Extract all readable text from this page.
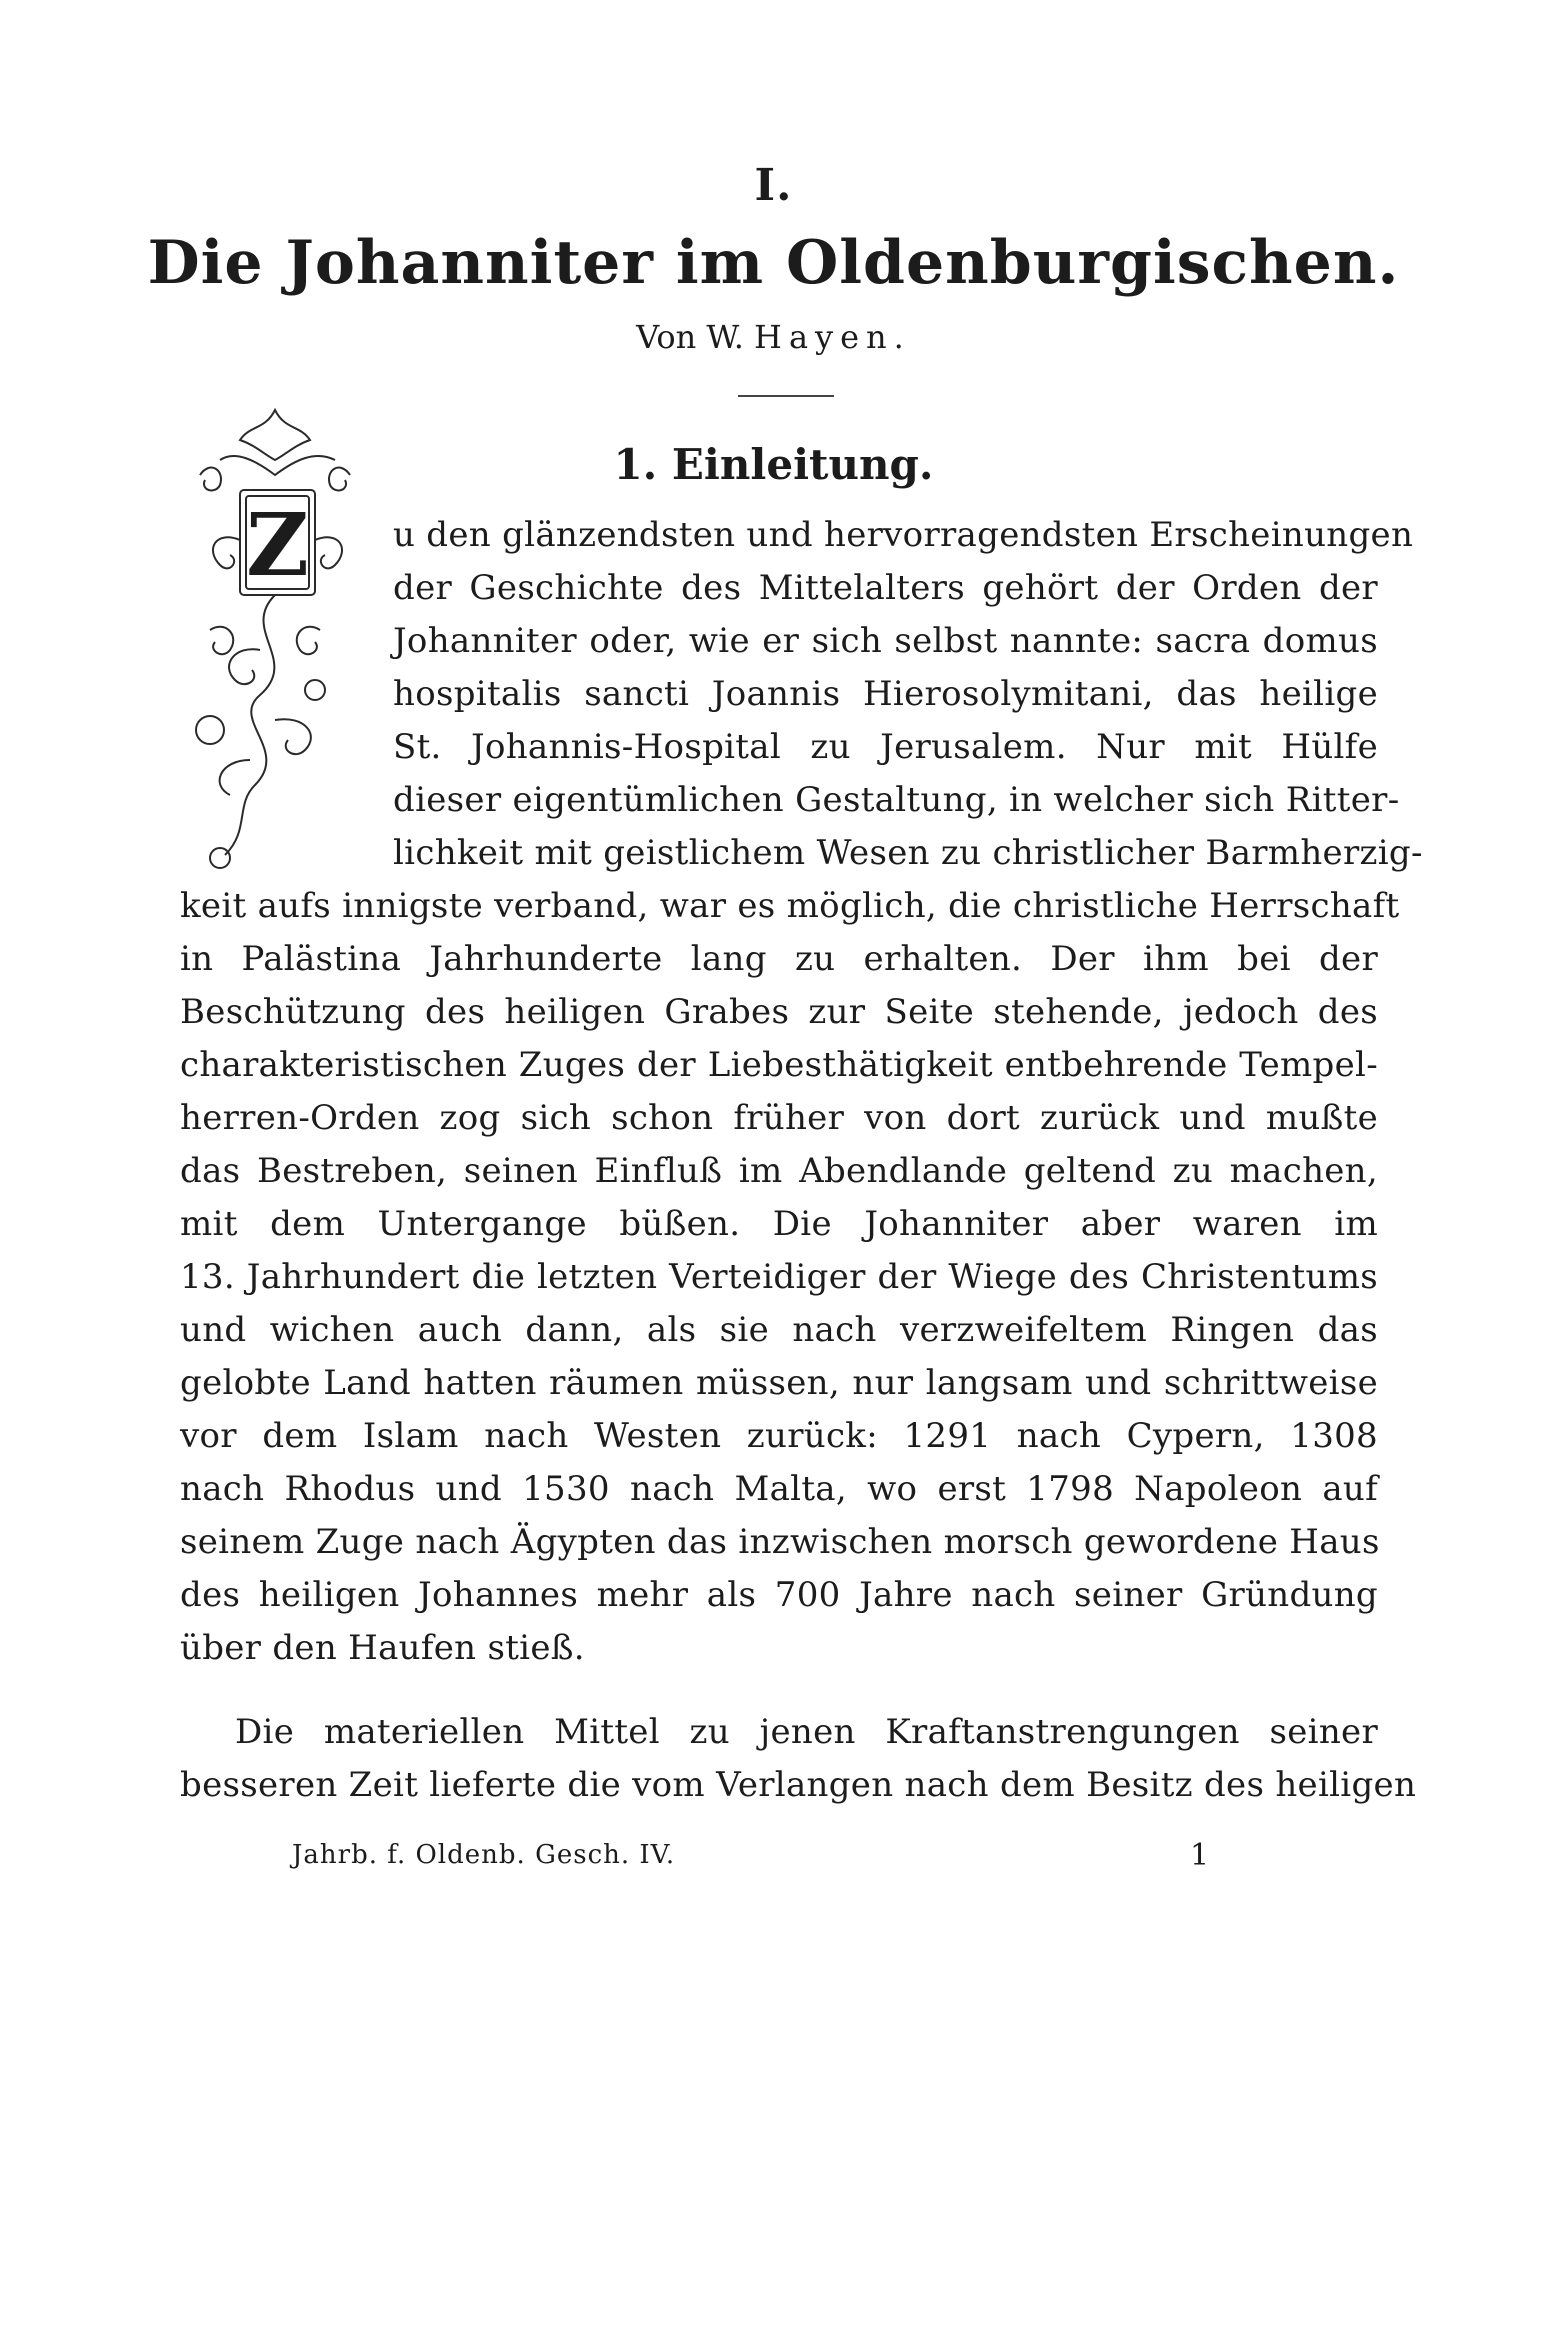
I.
Die Johanniter im Oldenburgischen.
Von W. Hayen.
1. Einleitung.
Z u den glänzendsten und hervorragendsten Erscheinungen
der Geschichte des Mittelalters gehört der Orden der
Johanniter oder, wie er sich selbst nannte: sacra domus
hospitalis sancti Joannis Hierosolymitani, das heilige
St. Johannis-Hospital zu Jerusalem. Nur mit Hülfe
dieser eigentümlichen Gestaltung, in welcher sich Ritter-
lichkeit mit geistlichem Wesen zu christlicher Barmherzig-
keit aufs innigste verband, war es möglich, die christliche Herrschaft
in Palästina Jahrhunderte lang zu erhalten. Der ihm bei der
Beschützung des heiligen Grabes zur Seite stehende, jedoch des
charakteristischen Zuges der Liebesthätigkeit entbehrende Tempel-
herren-Orden zog sich schon früher von dort zurück und mußte
das Bestreben, seinen Einfluß im Abendlande geltend zu machen,
mit dem Untergange büßen. Die Johanniter aber waren im
13. Jahrhundert die letzten Verteidiger der Wiege des Christentums
und wichen auch dann, als sie nach verzweifeltem Ringen das
gelobte Land hatten räumen müssen, nur langsam und schrittweise
vor dem Islam nach Westen zurück: 1291 nach Cypern, 1308
nach Rhodus und 1530 nach Malta, wo erst 1798 Napoleon auf
seinem Zuge nach Ägypten das inzwischen morsch gewordene Haus
des heiligen Johannes mehr als 700 Jahre nach seiner Gründung
über den Haufen stieß.
Die materiellen Mittel zu jenen Kraftanstrengungen seiner
besseren Zeit lieferte die vom Verlangen nach dem Besitz des heiligen
Jahrb. f. Oldenb. Gesch. IV.	1
